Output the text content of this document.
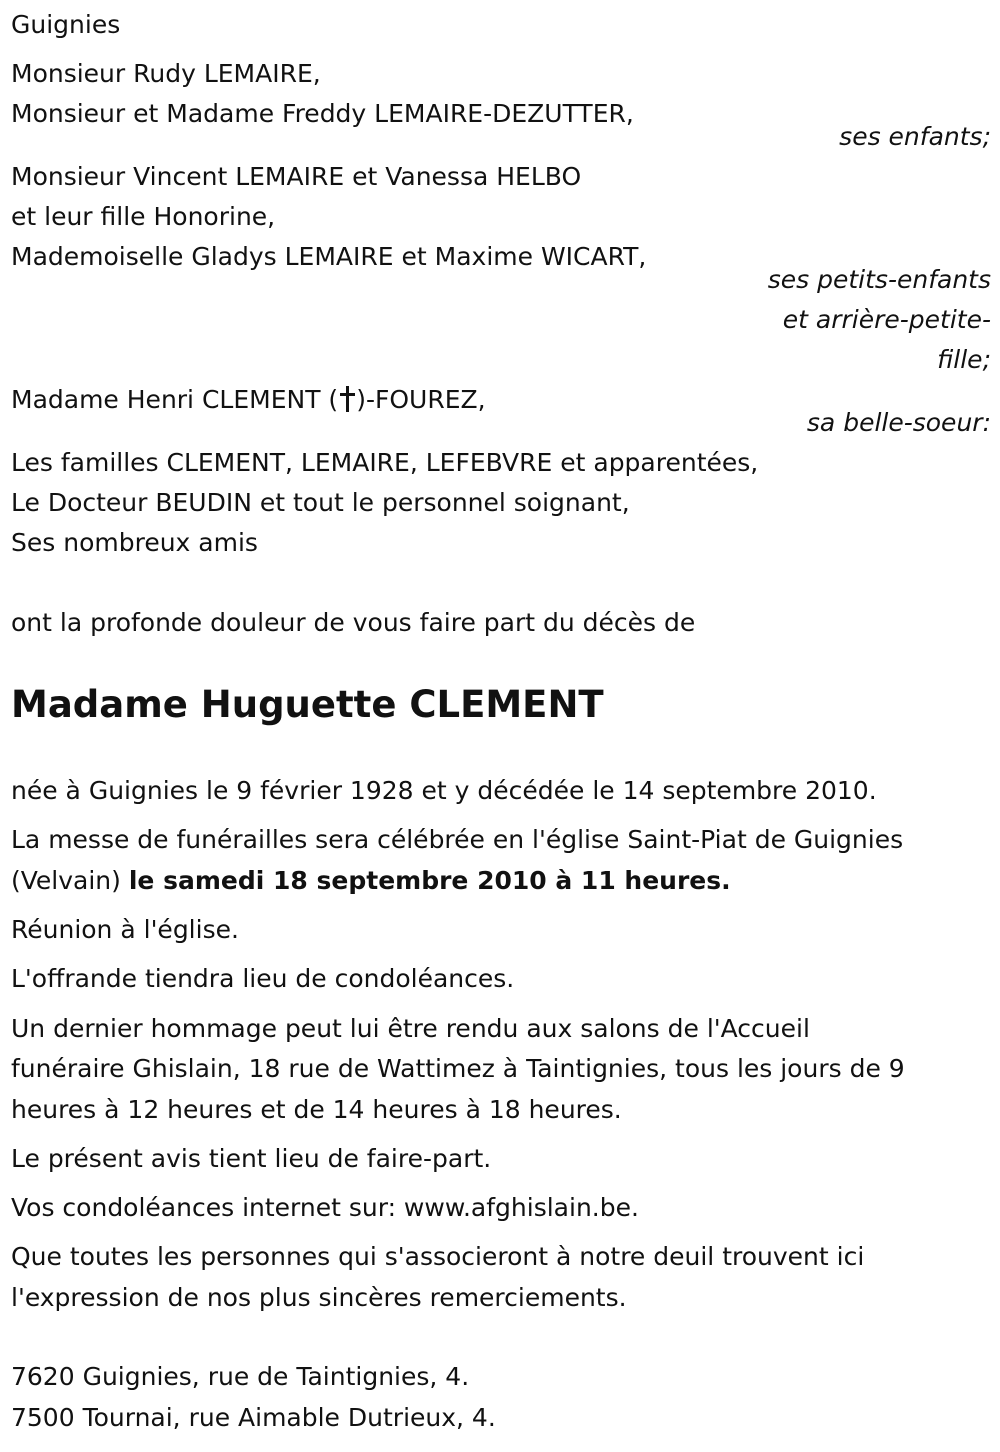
Guignies
Monsieur Rudy LEMAIRE,
Monsieur et Madame Freddy LEMAIRE-DEZUTTER,
ses enfants;
Monsieur Vincent LEMAIRE et Vanessa HELBO
et leur fille Honorine,
Mademoiselle Gladys LEMAIRE et Maxime WICART,
ses petits-enfants
et arrière-petite-
fille;
Madame Henri CLEMENT ( )-FOUREZ,
sa belle-soeur:
Les familles CLEMENT, LEMAIRE, LEFEBVRE et apparentées,
Le Docteur BEUDIN et tout le personnel soignant,
Ses nombreux amis
ont la profonde douleur de vous faire part du décès de
Madame Huguette CLEMENT
née à Guignies le 9 février 1928 et y décédée le 14 septembre 2010.
La messe de funérailles sera célébrée en l'église Saint-Piat de Guignies
(Velvain) le samedi 18 septembre 2010 à 11 heures.
Réunion à l'église.
L'offrande tiendra lieu de condoléances.
Un dernier hommage peut lui être rendu aux salons de l'Accueil
funéraire Ghislain, 18 rue de Wattimez à Taintignies, tous les jours de 9
heures à 12 heures et de 14 heures à 18 heures.
Le présent avis tient lieu de faire-part.
Vos condoléances internet sur: www.afghislain.be.
Que toutes les personnes qui s'associeront à notre deuil trouvent ici
l'expression de nos plus sincères remerciements.
7620 Guignies, rue de Taintignies, 4.
7500 Tournai, rue Aimable Dutrieux, 4.
